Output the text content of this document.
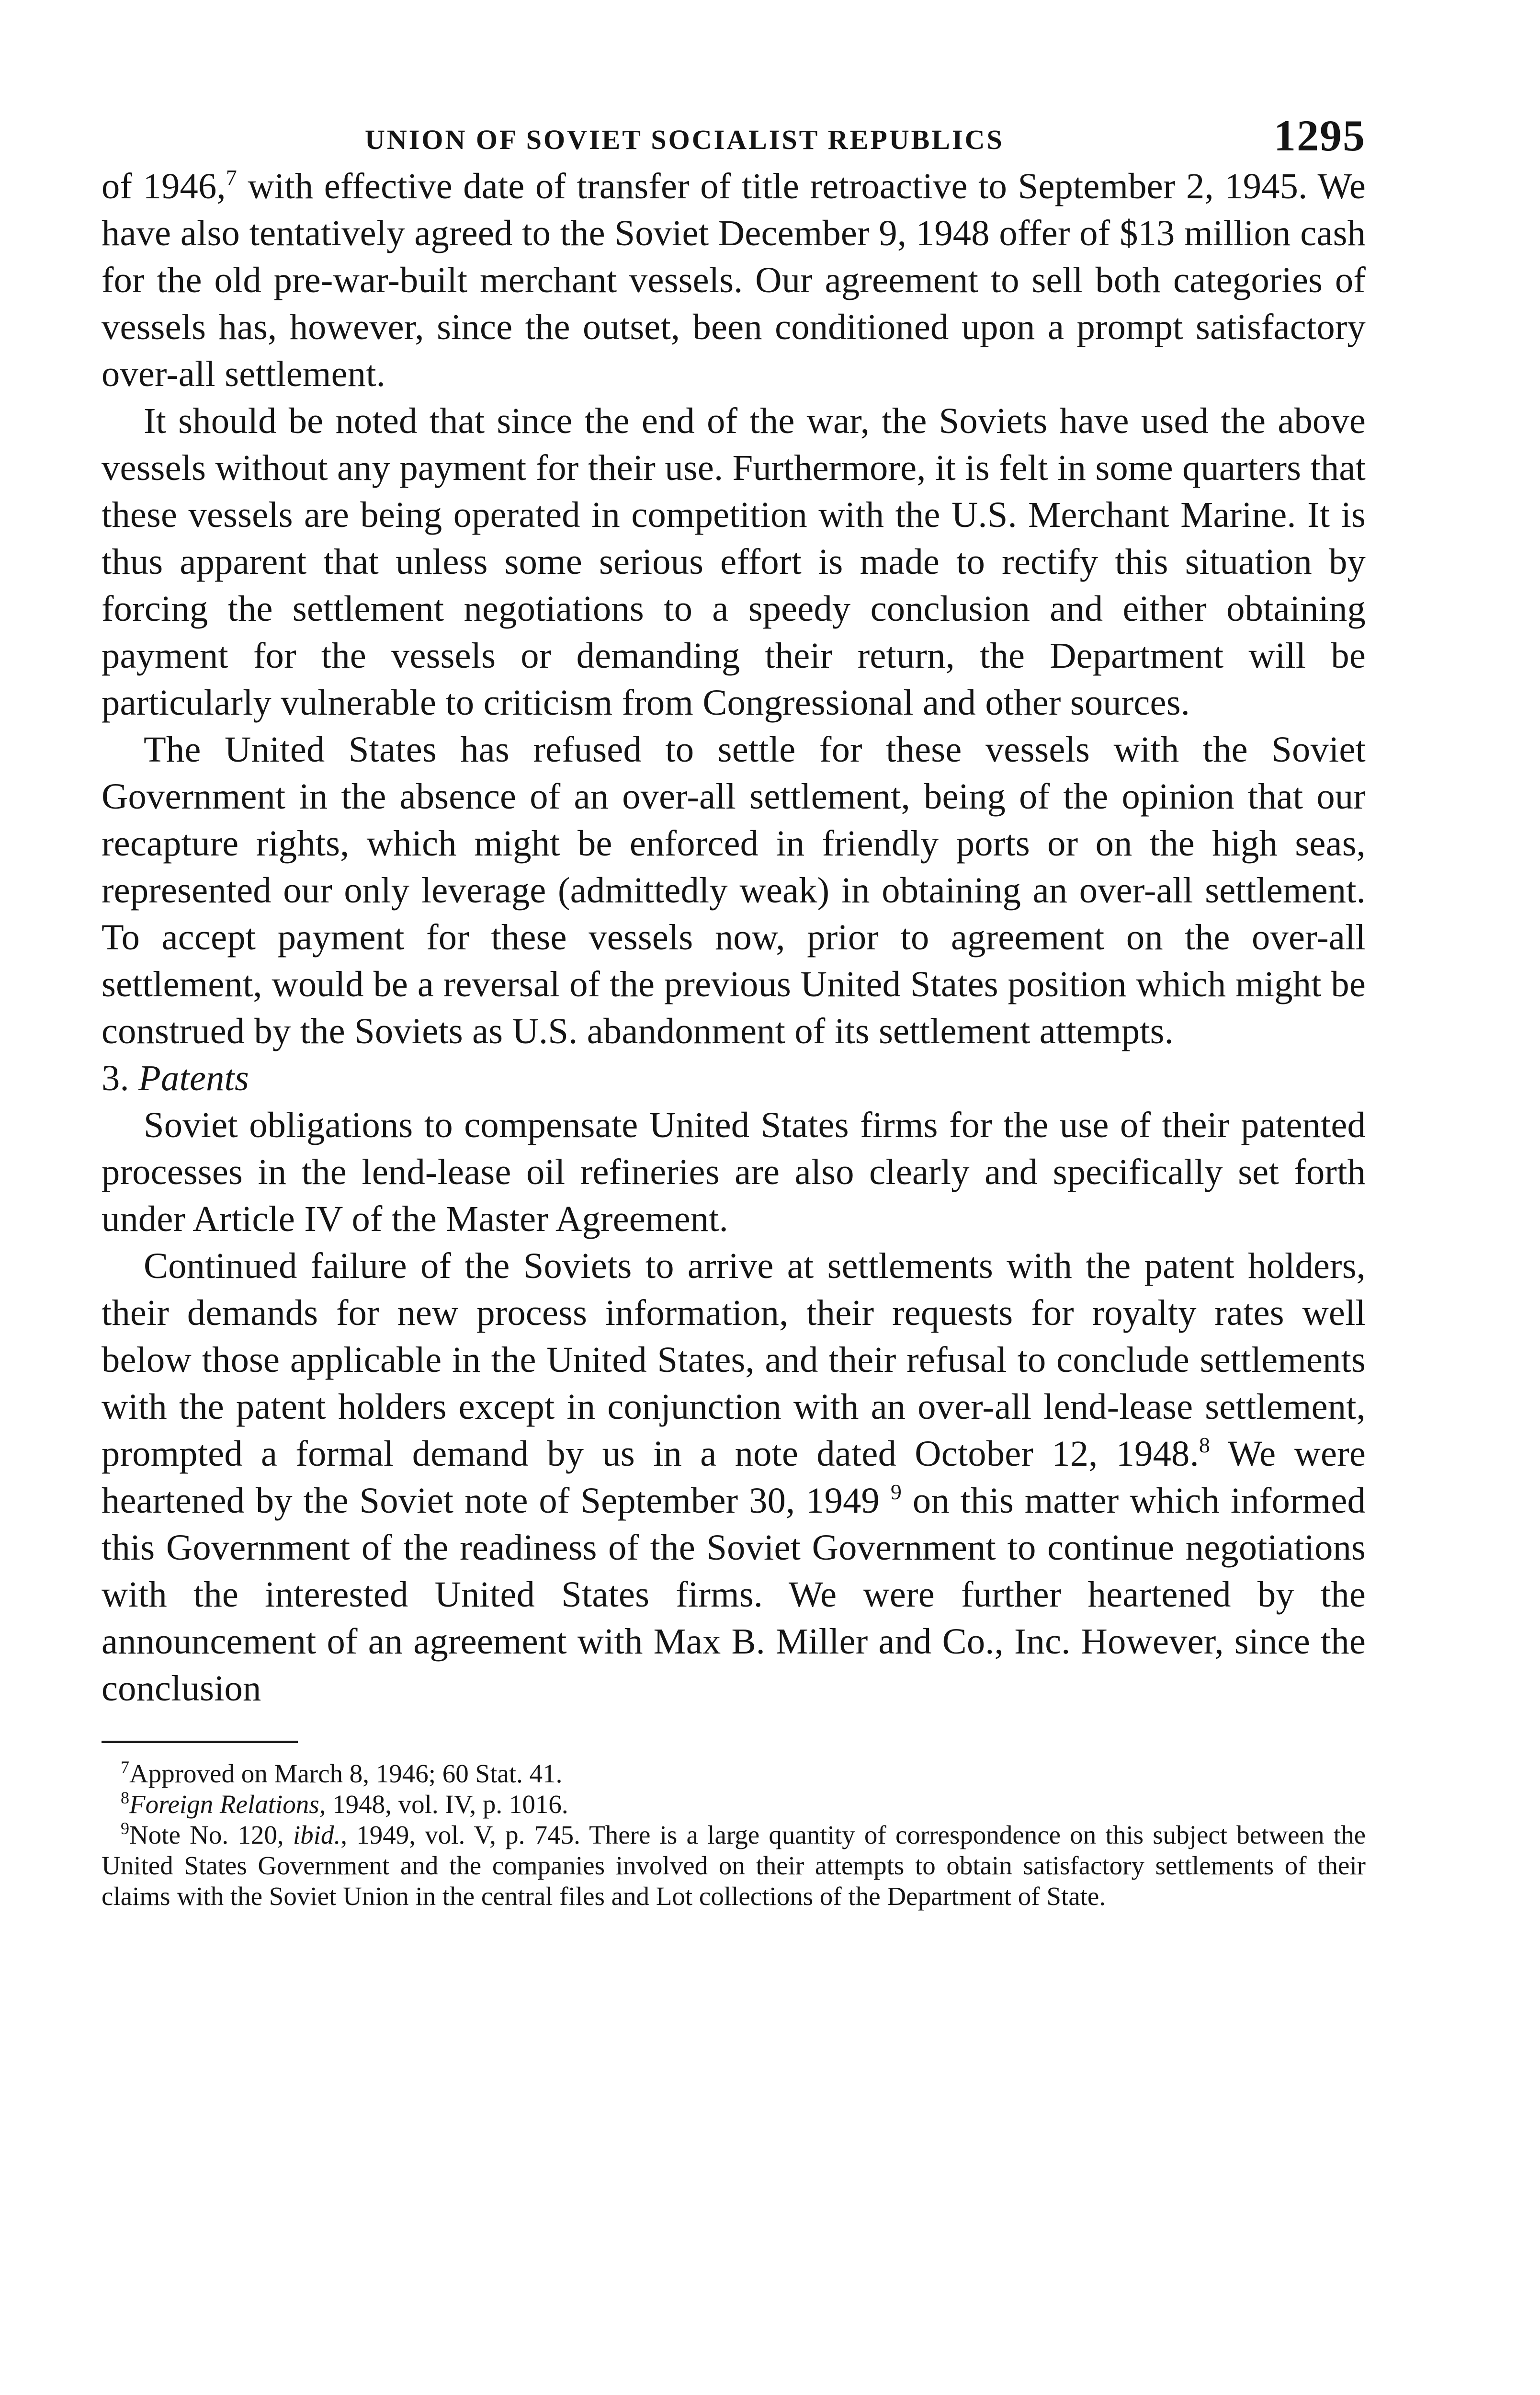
UNION OF SOVIET SOCIALIST REPUBLICS	1295

of 1946,$^7$ with effective date of transfer of title retroactive to September 2, 1945. We have also tentatively agreed to the Soviet December 9, 1948 offer of $13 million cash for the old pre-war-built merchant vessels. Our agreement to sell both categories of vessels has, however, since the outset, been conditioned upon a prompt satisfactory over-all settlement.

It should be noted that since the end of the war, the Soviets have used the above vessels without any payment for their use. Furthermore, it is felt in some quarters that these vessels are being operated in competition with the U.S. Merchant Marine. It is thus apparent that unless some serious effort is made to rectify this situation by forcing the settlement negotiations to a speedy conclusion and either obtaining payment for the vessels or demanding their return, the Department will be particularly vulnerable to criticism from Congressional and other sources.

The United States has refused to settle for these vessels with the Soviet Government in the absence of an over-all settlement, being of the opinion that our recapture rights, which might be enforced in friendly ports or on the high seas, represented our only leverage (admittedly weak) in obtaining an over-all settlement. To accept payment for these vessels now, prior to agreement on the over-all settlement, would be a reversal of the previous United States position which might be construed by the Soviets as U.S. abandonment of its settlement attempts.

3. Patents

Soviet obligations to compensate United States firms for the use of their patented processes in the lend-lease oil refineries are also clearly and specifically set forth under Article IV of the Master Agreement.

Continued failure of the Soviets to arrive at settlements with the patent holders, their demands for new process information, their requests for royalty rates well below those applicable in the United States, and their refusal to conclude settlements with the patent holders except in conjunction with an over-all lend-lease settlement, prompted a formal demand by us in a note dated October 12, 1948.$^8$ We were heartened by the Soviet note of September 30, 1949 $^9$ on this matter which informed this Government of the readiness of the Soviet Government to continue negotiations with the interested United States firms. We were further heartened by the announcement of an agreement with Max B. Miller and Co., Inc. However, since the conclusion

$^7$Approved on March 8, 1946; 60 Stat. 41.

$^8$Foreign Relations, 1948, vol. IV, p. 1016.

$^9$Note No. 120, ibid., 1949, vol. V, p. 745. There is a large quantity of correspondence on this subject between the United States Government and the companies involved on their attempts to obtain satisfactory settlements of their claims with the Soviet Union in the central files and Lot collections of the Department of State.
